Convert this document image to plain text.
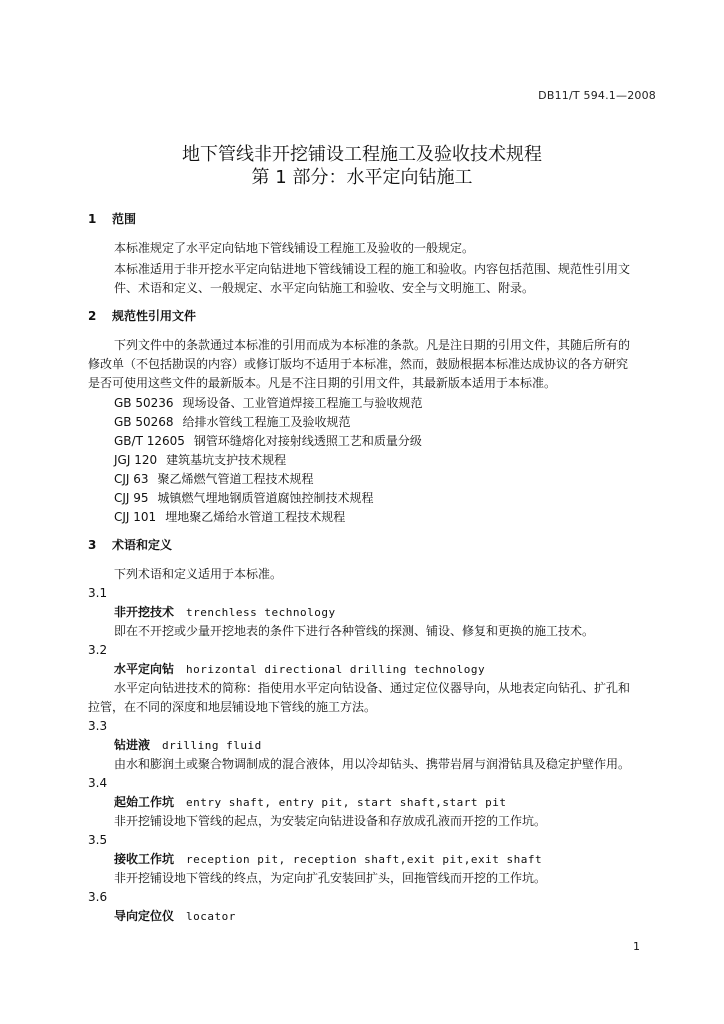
DB11/T 594.1—2008
地下管线非开挖铺设工程施工及验收技术规程
第 1 部分：水平定向钻施工
1 范围
本标准规定了水平定向钻地下管线铺设工程施工及验收的一般规定。
本标准适用于非开挖水平定向钻进地下管线铺设工程的施工和验收。内容包括范围、规范性引用文
件、术语和定义、一般规定、水平定向钻施工和验收、安全与文明施工、附录。
2 规范性引用文件
下列文件中的条款通过本标准的引用而成为本标准的条款。凡是注日期的引用文件，其随后所有的
修改单（不包括勘误的内容）或修订版均不适用于本标准，然而，鼓励根据本标准达成协议的各方研究
是否可使用这些文件的最新版本。凡是不注日期的引用文件，其最新版本适用于本标准。
GB 50236 现场设备、工业管道焊接工程施工与验收规范
GB 50268 给排水管线工程施工及验收规范
GB/T 12605 钢管环缝熔化对接射线透照工艺和质量分级
JGJ 120 建筑基坑支护技术规程
CJJ 63 聚乙烯燃气管道工程技术规程
CJJ 95 城镇燃气埋地钢质管道腐蚀控制技术规程
CJJ 101 埋地聚乙烯给水管道工程技术规程
3 术语和定义
下列术语和定义适用于本标准。
3.1
非开挖技术 trenchless technology
即在不开挖或少量开挖地表的条件下进行各种管线的探测、铺设、修复和更换的施工技术。
3.2
水平定向钻 horizontal directional drilling technology
水平定向钻进技术的简称：指使用水平定向钻设备、通过定位仪器导向，从地表定向钻孔、扩孔和
拉管，在不同的深度和地层铺设地下管线的施工方法。
3.3
钻进液 drilling fluid
由水和膨润土或聚合物调制成的混合液体，用以冷却钻头、携带岩屑与润滑钻具及稳定护壁作用。
3.4
起始工作坑 entry shaft, entry pit, start shaft,start pit
非开挖铺设地下管线的起点，为安装定向钻进设备和存放成孔液而开挖的工作坑。
3.5
接收工作坑 reception pit, reception shaft,exit pit,exit shaft
非开挖铺设地下管线的终点，为定向扩孔安装回扩头，回拖管线而开挖的工作坑。
3.6
导向定位仪 locator
1
